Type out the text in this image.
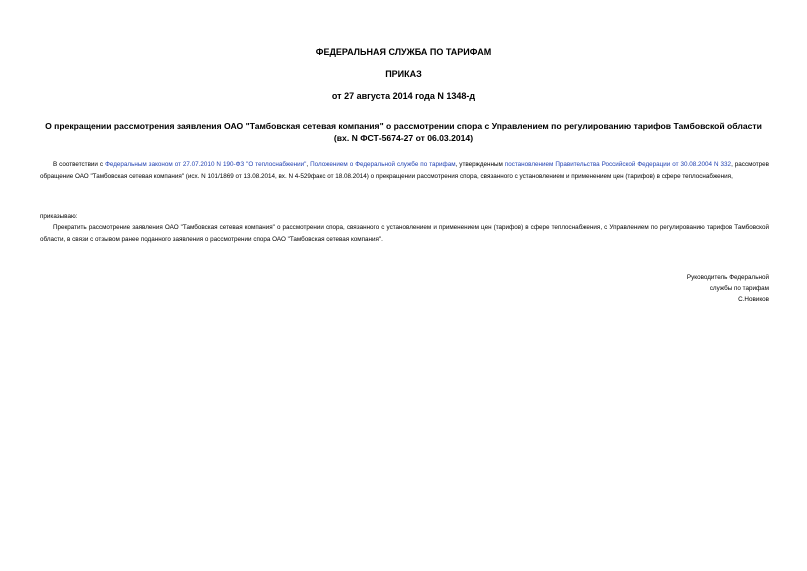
ФЕДЕРАЛЬНАЯ СЛУЖБА ПО ТАРИФАМ
ПРИКАЗ
от 27 августа 2014 года N 1348-д
О прекращении рассмотрения заявления ОАО "Тамбовская сетевая компания" о рассмотрении спора с Управлением по регулированию тарифов Тамбовской области (вх. N ФСТ-5674-27 от 06.03.2014)
В соответствии с Федеральным законом от 27.07.2010 N 190-ФЗ "О теплоснабжении", Положением о Федеральной службе по тарифам, утвержденным постановлением Правительства Российской Федерации от 30.08.2004 N 332, рассмотрев обращение ОАО "Тамбовская сетевая компания" (исх. N 101/1869 от 13.08.2014, вх. N 4-529факс от 18.08.2014) о прекращении рассмотрения спора, связанного с установлением и применением цен (тарифов) в сфере теплоснабжения,
приказываю:
Прекратить рассмотрение заявления ОАО "Тамбовская сетевая компания" о рассмотрении спора, связанного с установлением и применением цен (тарифов) в сфере теплоснабжения, с Управлением по регулированию тарифов Тамбовской области, в связи с отзывом ранее поданного заявления о рассмотрении спора ОАО "Тамбовская сетевая компания".
Руководитель Федеральной
службы по тарифам
С.Новиков
